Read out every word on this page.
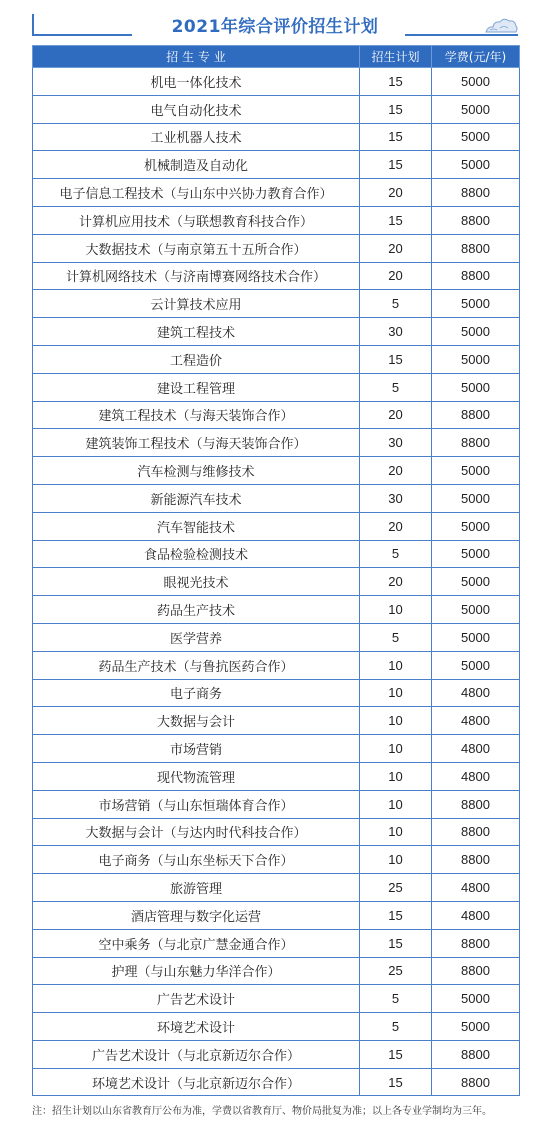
2021年综合评价招生计划
招 生 专 业	招生计划	学费(元/年)
机电一体化技术	15	5000
电气自动化技术	15	5000
工业机器人技术	15	5000
机械制造及自动化	15	5000
电子信息工程技术（与山东中兴协力教育合作）	20	8800
计算机应用技术（与联想教育科技合作）	15	8800
大数据技术（与南京第五十五所合作）	20	8800
计算机网络技术（与济南博赛网络技术合作）	20	8800
云计算技术应用	5	5000
建筑工程技术	30	5000
工程造价	15	5000
建设工程管理	5	5000
建筑工程技术（与海天装饰合作）	20	8800
建筑装饰工程技术（与海天装饰合作）	30	8800
汽车检测与维修技术	20	5000
新能源汽车技术	30	5000
汽车智能技术	20	5000
食品检验检测技术	5	5000
眼视光技术	20	5000
药品生产技术	10	5000
医学营养	5	5000
药品生产技术（与鲁抗医药合作）	10	5000
电子商务	10	4800
大数据与会计	10	4800
市场营销	10	4800
现代物流管理	10	4800
市场营销（与山东恒瑞体育合作）	10	8800
大数据与会计（与达内时代科技合作）	10	8800
电子商务（与山东坐标天下合作）	10	8800
旅游管理	25	4800
酒店管理与数字化运营	15	4800
空中乘务（与北京广慧金通合作）	15	8800
护理（与山东魅力华洋合作）	25	8800
广告艺术设计	5	5000
环境艺术设计	5	5000
广告艺术设计（与北京新迈尔合作）	15	8800
环境艺术设计（与北京新迈尔合作）	15	8800
注：招生计划以山东省教育厅公布为准，学费以省教育厅、物价局批复为准；以上各专业学制均为三年。
